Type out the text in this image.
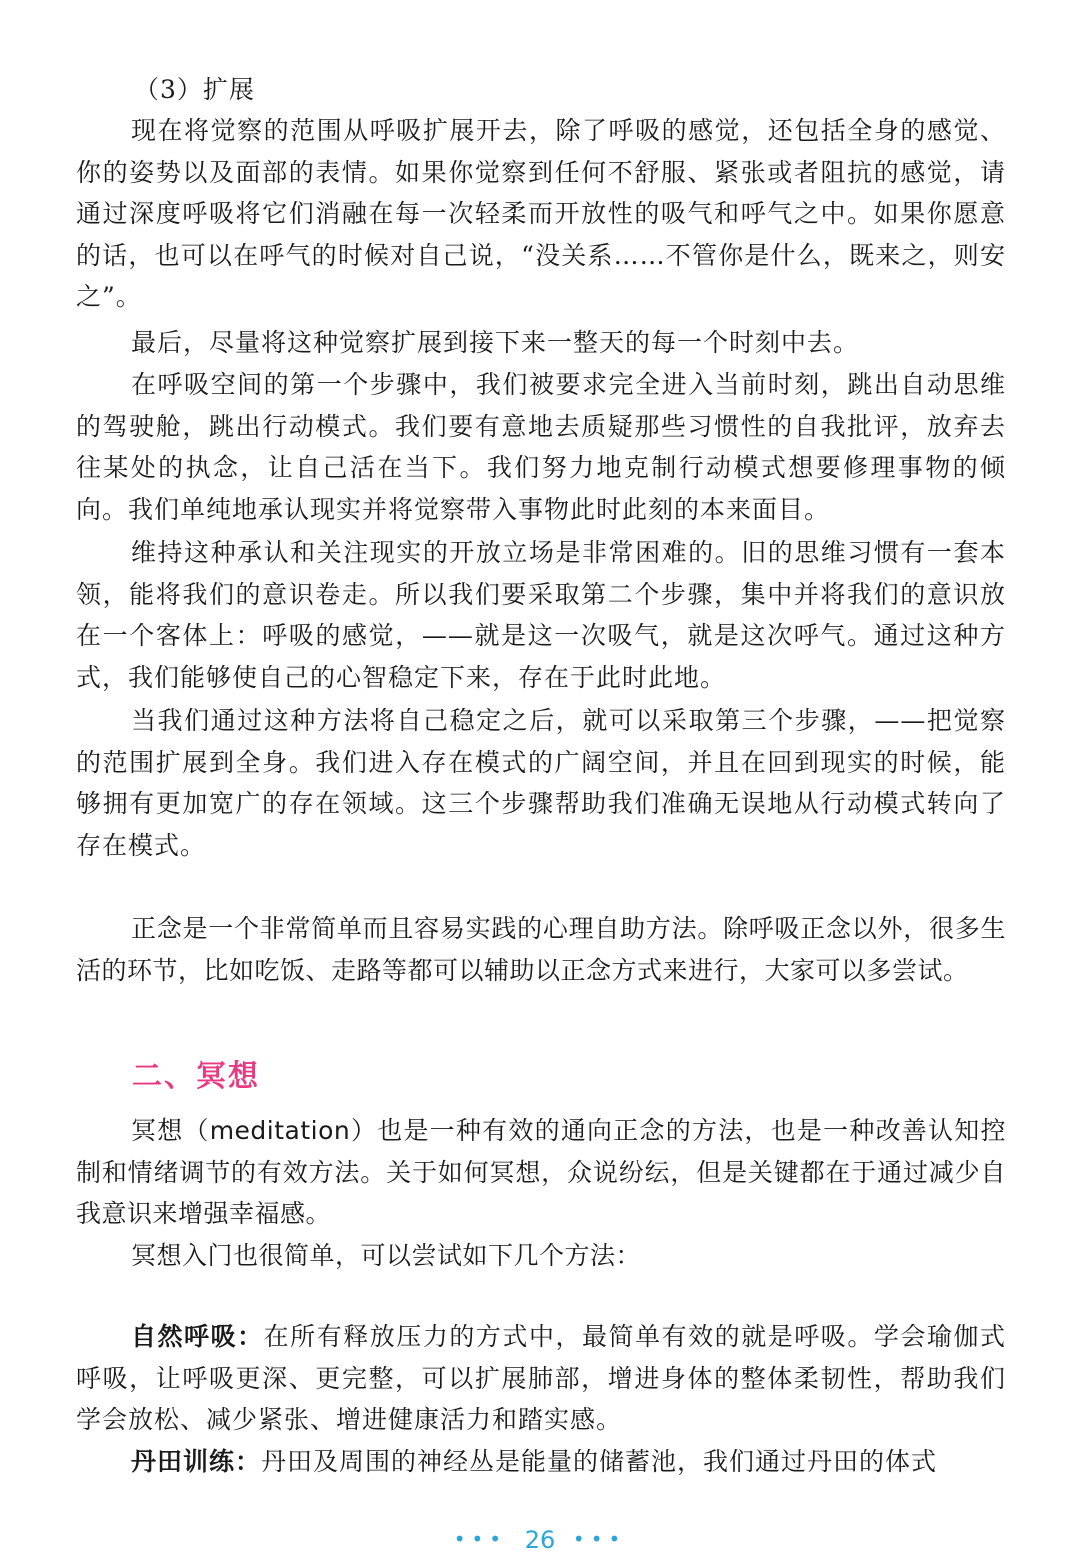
（3）扩展

现在将觉察的范围从呼吸扩展开去，除了呼吸的感觉，还包括全身的感觉、你的姿势以及面部的表情。如果你觉察到任何不舒服、紧张或者阻抗的感觉，请通过深度呼吸将它们消融在每一次轻柔而开放性的吸气和呼气之中。如果你愿意的话，也可以在呼气的时候对自己说，“没关系……不管你是什么，既来之，则安之”。

最后，尽量将这种觉察扩展到接下来一整天的每一个时刻中去。

在呼吸空间的第一个步骤中，我们被要求完全进入当前时刻，跳出自动思维的驾驶舱，跳出行动模式。我们要有意地去质疑那些习惯性的自我批评，放弃去往某处的执念，让自己活在当下。我们努力地克制行动模式想要修理事物的倾向。我们单纯地承认现实并将觉察带入事物此时此刻的本来面目。

维持这种承认和关注现实的开放立场是非常困难的。旧的思维习惯有一套本领，能将我们的意识卷走。所以我们要采取第二个步骤，集中并将我们的意识放在一个客体上：呼吸的感觉，——就是这一次吸气，就是这次呼气。通过这种方式，我们能够使自己的心智稳定下来，存在于此时此地。

当我们通过这种方法将自己稳定之后，就可以采取第三个步骤，——把觉察的范围扩展到全身。我们进入存在模式的广阔空间，并且在回到现实的时候，能够拥有更加宽广的存在领域。这三个步骤帮助我们准确无误地从行动模式转向了存在模式。

正念是一个非常简单而且容易实践的心理自助方法。除呼吸正念以外，很多生活的环节，比如吃饭、走路等都可以辅助以正念方式来进行，大家可以多尝试。

二、冥想

冥想（meditation）也是一种有效的通向正念的方法，也是一种改善认知控制和情绪调节的有效方法。关于如何冥想，众说纷纭，但是关键都在于通过减少自我意识来增强幸福感。

冥想入门也很简单，可以尝试如下几个方法：

自然呼吸：在所有释放压力的方式中，最简单有效的就是呼吸。学会瑜伽式呼吸，让呼吸更深、更完整，可以扩展肺部，增进身体的整体柔韧性，帮助我们学会放松、减少紧张、增进健康活力和踏实感。

丹田训练：丹田及周围的神经丛是能量的储蓄池，我们通过丹田的体式

••• 26 •••
